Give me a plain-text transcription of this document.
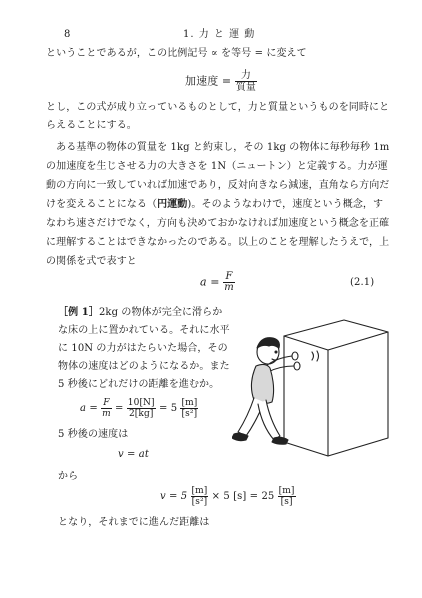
8	1. 力 と 運 動
ということであるが，この比例記号 ∝ を等号 = に変えて
加速度 = $\frac{\text{力}}{\text{質量}}$
とし，この式が成り立っているものとして，力と質量というものを同時にと
らえることにする。
　ある基準の物体の質量を 1kg と約束し，その 1kg の物体に毎秒毎秒 1m
の加速度を生じさせる力の大きさを 1N（ニュートン）と定義する。力が運
動の方向に一致していれば加速であり，反対向きなら減速，直角なら方向だ
けを変えることになる（円運動)。そのようなわけで，速度という概念，す
なわち速さだけでなく，方向も決めておかなければ加速度という概念を正確
に理解することはできなかったのである。以上のことを理解したうえで，上
の関係を式で表すと
$a = \frac{F}{m}$	(2.1)
［例 1］2kg の物体が完全に滑らか
な床の上に置かれている。それに水平
に 10N の力がはたらいた場合，その
物体の速度はどのようになるか。また
5 秒後にどれだけの距離を進むか。
$a = \frac{F}{m} = \frac{10[N]}{2[kg]} = 5 \frac{[m]}{\text{[s²]}}$
5 秒後の速度は
v = at
から
$v = 5 \frac{[m]}{\text{[s²]}} \times 5$ $[s] = 25 \frac{[m]}{[s]}$
となり，それまでに進んだ距離は
